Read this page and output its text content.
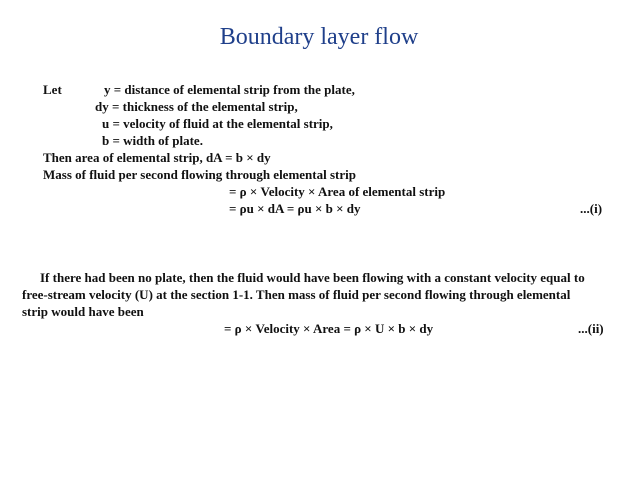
Boundary layer flow
Let	y = distance of elemental strip from the plate,
dy = thickness of the elemental strip,
u = velocity of fluid at the elemental strip,
b = width of plate.
Then area of elemental strip, dA = b × dy
Mass of fluid per second flowing through elemental strip
= ρ × Velocity × Area of elemental strip
= ρu × dA = ρu × b × dy	...(i)
If there had been no plate, then the fluid would have been flowing with a constant velocity equal to
free-stream velocity (U) at the section 1-1. Then mass of fluid per second flowing through elemental
strip would have been
= ρ × Velocity × Area = ρ × U × b × dy	...(ii)
